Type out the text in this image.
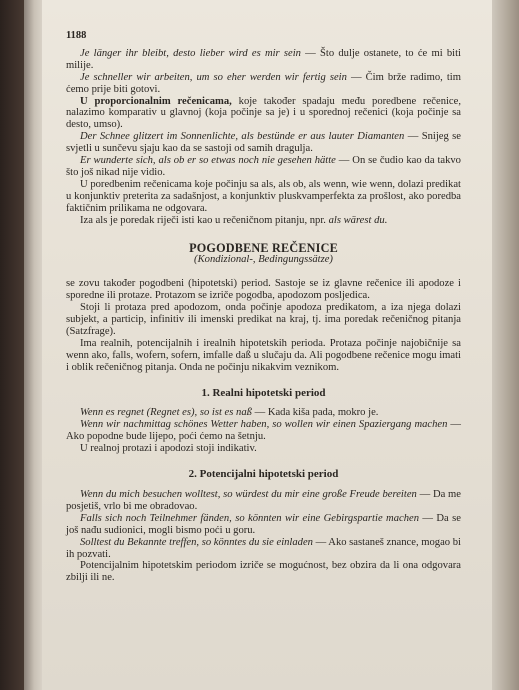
1188

Je länger ihr bleibt, desto lieber wird es mir sein — Što dulje ostanete, to će mi biti milije.

Je schneller wir arbeiten, um so eher werden wir fertig sein — Čim brže radimo, tim ćemo prije biti gotovi.

U proporcionalnim rečenicama, koje također spadaju među poredbene rečenice, nalazimo komparativ u glavnoj (koja počinje sa je) i u sporednoj rečenici (koja počinje sa desto, umso).

Der Schnee glitzert im Sonnenlichte, als bestünde er aus lauter Diamanten — Snijeg se svjetli u sunčevu sjaju kao da se sastoji od samih dragulja.

Er wunderte sich, als ob er so etwas noch nie gesehen hätte — On se čudio kao da takvo što još nikad nije vidio.

U poredbenim rečenicama koje počinju sa als, als ob, als wenn, wie wenn, dolazi predikat u konjunktiv preterita za sadašnjost, a konjunktiv pluskvamperfekta za prošlost, ako poredba faktičnim prilikama ne odgovara.

Iza als je poredak riječi isti kao u rečeničnom pitanju, npr. als wärest du.

POGODBENE REČENICE
(Kondizional-, Bedingungssätze)

se zovu također pogodbeni (hipotetski) period. Sastoje se iz glavne rečenice ili apodoze i sporedne ili protaze. Protazom se izriče pogodba, apodozom posljedica.

Stoji li protaza pred apodozom, onda počinje apodoza predikatom, a iza njega dolazi subjekt, a particip, infinitiv ili imenski predikat na kraj, tj. ima poredak rečeničnog pitanja (Satzfrage).

Ima realnih, potencijalnih i irealnih hipotetskih perioda. Protaza počinje najobičnije sa wenn ako, falls, wofern, sofern, imfalle daß u slučaju da. Ali pogodbene rečenice mogu imati i oblik rečeničnog pitanja. Onda ne počinju nikakvim veznikom.

1. Realni hipotetski period

Wenn es regnet (Regnet es), so ist es naß — Kada kiša pada, mokro je.

Wenn wir nachmittag schönes Wetter haben, so wollen wir einen Spaziergang machen — Ako popodne bude lijepo, poći ćemo na šetnju.

U realnoj protazi i apodozi stoji indikativ.

2. Potencijalni hipotetski period

Wenn du mich besuchen wolltest, so würdest du mir eine große Freude bereiten — Da me posjetiš, vrlo bi me obradovao.

Falls sich noch Teilnehmer fänden, so könnten wir eine Gebirgspartie machen — Da se još nađu sudionici, mogli bismo poći u goru.

Solltest du Bekannte treffen, so könntes du sie einladen — Ako sastaneš znance, mogao bi ih pozvati.

Potencijalnim hipotetskim periodom izriče se mogućnost, bez obzira da li ona odgovara zbilji ili ne.
